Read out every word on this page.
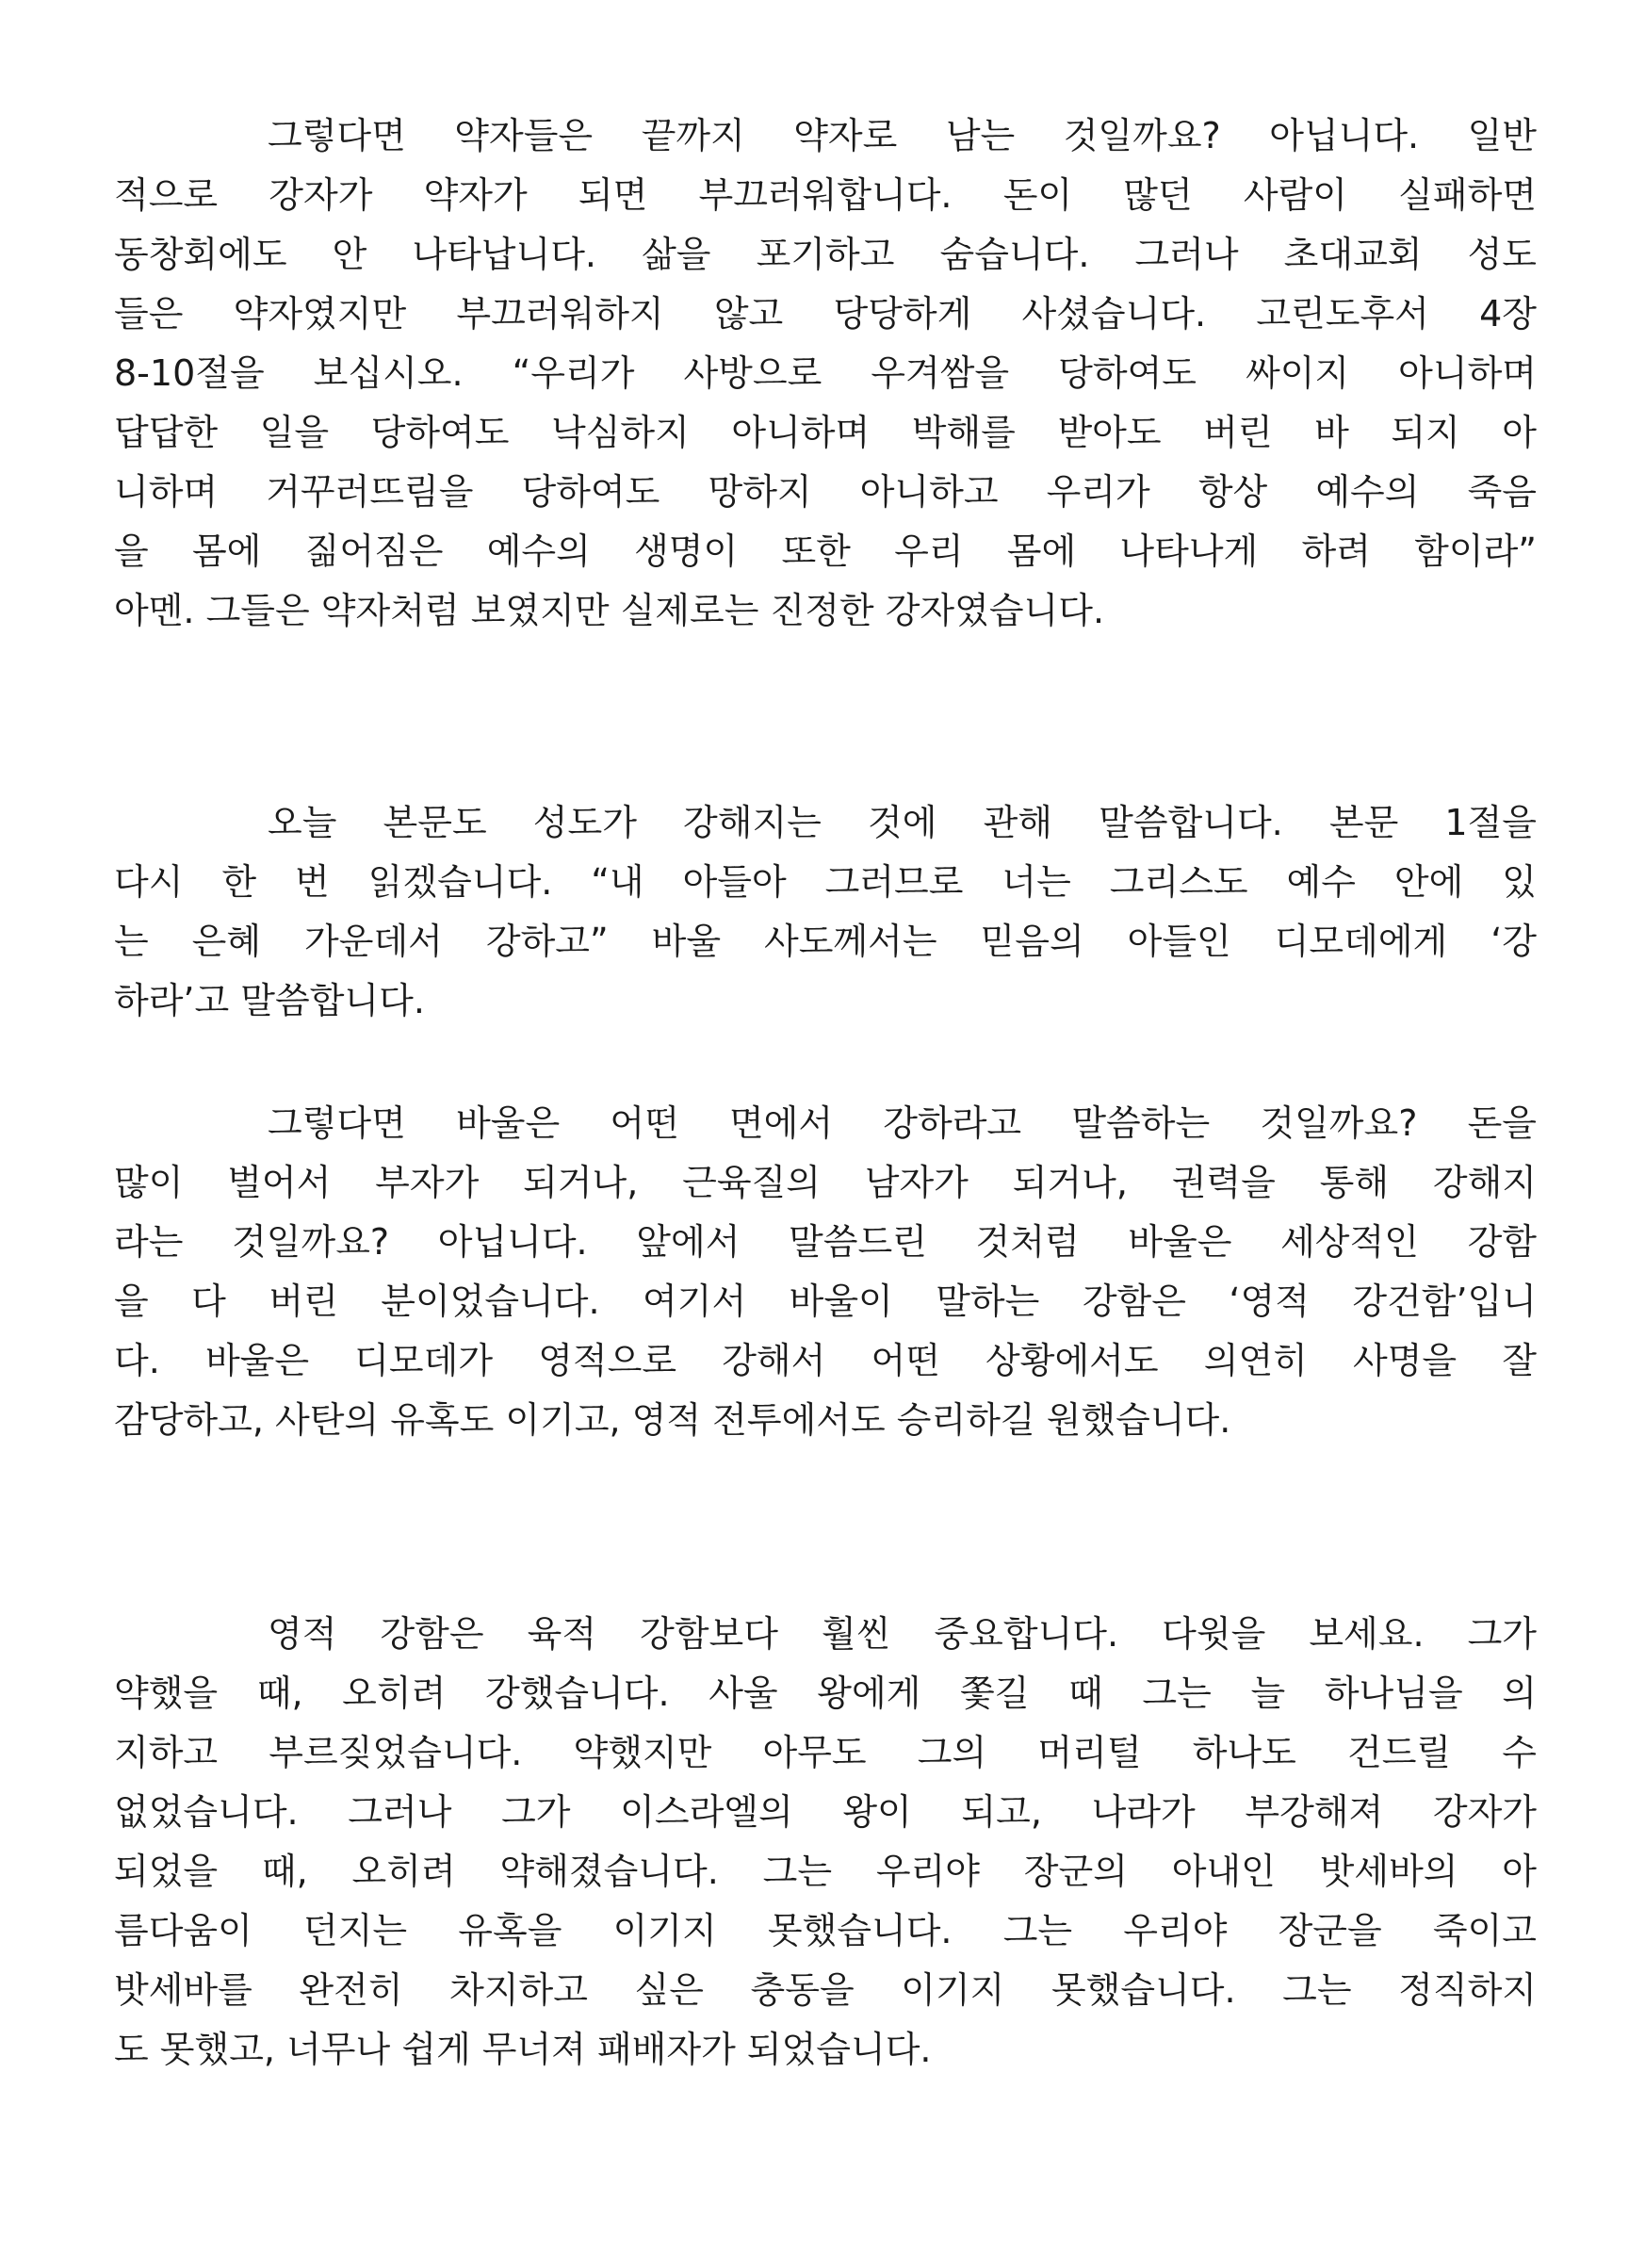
그렇다면 약자들은 끝까지 약자로 남는 것일까요? 아닙니다. 일반
적으로 강자가 약자가 되면 부끄러워합니다. 돈이 많던 사람이 실패하면
동창회에도 안 나타납니다. 삶을 포기하고 숨습니다. 그러나 초대교회 성도
들은 약자였지만 부끄러워하지 않고 당당하게 사셨습니다. 고린도후서 4장
8-10절을 보십시오. “우리가 사방으로 우겨쌈을 당하여도 싸이지 아니하며
답답한 일을 당하여도 낙심하지 아니하며 박해를 받아도 버린 바 되지 아
니하며 거꾸러뜨림을 당하여도 망하지 아니하고 우리가 항상 예수의 죽음
을 몸에 짊어짐은 예수의 생명이 또한 우리 몸에 나타나게 하려 함이라”
아멘. 그들은 약자처럼 보였지만 실제로는 진정한 강자였습니다.
오늘 본문도 성도가 강해지는 것에 관해 말씀합니다. 본문 1절을
다시 한 번 읽겠습니다. “내 아들아 그러므로 너는 그리스도 예수 안에 있
는 은혜 가운데서 강하고” 바울 사도께서는 믿음의 아들인 디모데에게 ‘강
하라’고 말씀합니다.
그렇다면 바울은 어떤 면에서 강하라고 말씀하는 것일까요? 돈을
많이 벌어서 부자가 되거나, 근육질의 남자가 되거나, 권력을 통해 강해지
라는 것일까요? 아닙니다. 앞에서 말씀드린 것처럼 바울은 세상적인 강함
을 다 버린 분이었습니다. 여기서 바울이 말하는 강함은 ‘영적 강건함’입니
다. 바울은 디모데가 영적으로 강해서 어떤 상황에서도 의연히 사명을 잘
감당하고, 사탄의 유혹도 이기고, 영적 전투에서도 승리하길 원했습니다.
영적 강함은 육적 강함보다 훨씬 중요합니다. 다윗을 보세요. 그가
약했을 때, 오히려 강했습니다. 사울 왕에게 쫓길 때 그는 늘 하나님을 의
지하고 부르짖었습니다. 약했지만 아무도 그의 머리털 하나도 건드릴 수
없었습니다. 그러나 그가 이스라엘의 왕이 되고, 나라가 부강해져 강자가
되었을 때, 오히려 약해졌습니다. 그는 우리야 장군의 아내인 밧세바의 아
름다움이 던지는 유혹을 이기지 못했습니다. 그는 우리야 장군을 죽이고
밧세바를 완전히 차지하고 싶은 충동을 이기지 못했습니다. 그는 정직하지
도 못했고, 너무나 쉽게 무너져 패배자가 되었습니다.
